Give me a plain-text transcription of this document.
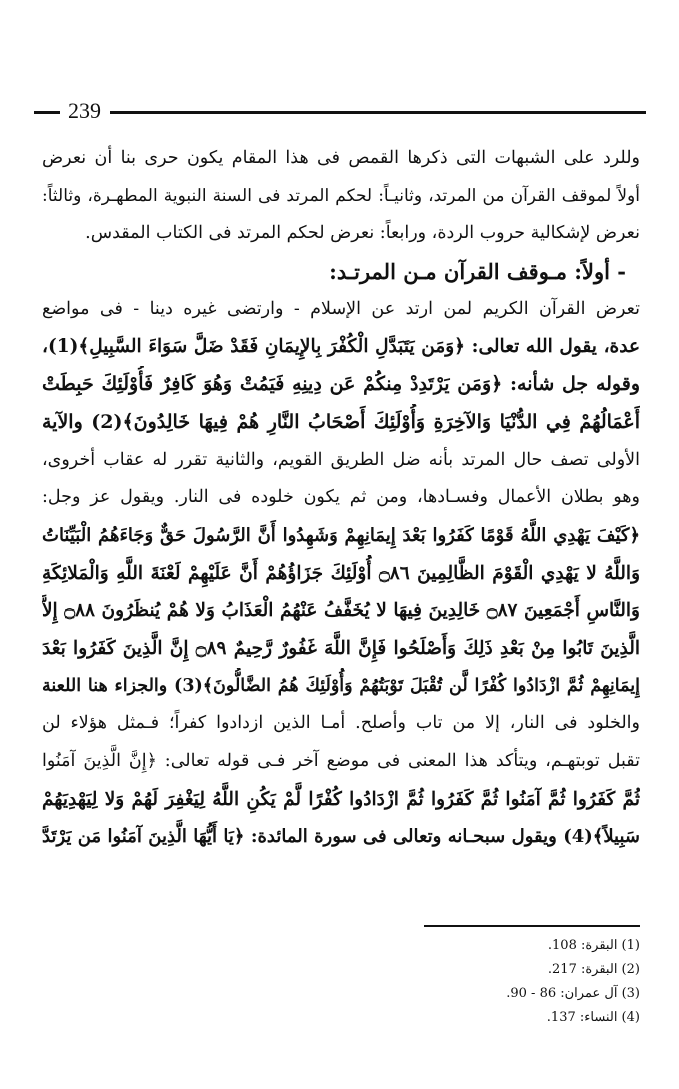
239
وللرد على الشبهات التى ذكرها القمص فى هذا المقام يكون حرى بنا أن نعرض
أولاً لموقف القرآن من المرتد، وثانيـاً: لحكم المرتد فى السنة النبوية المطهـرة، وثالثاً:
نعرض لإشكالية حروب الردة، ورابعاً: نعرض لحكم المرتد فى الكتاب المقدس.
- أولاً: مـوقف القرآن مـن المرتـد:
تعرض القرآن الكريم لمن ارتد عن الإسلام - وارتضى غيره دينا - فى مواضع
عدة، يقول الله تعالى: ﴿وَمَن يَتَبَدَّلِ الْكُفْرَ بِالإِيمَانِ فَقَدْ ضَلَّ سَوَاءَ السَّبِيلِ﴾(1)،
وقوله جل شأنه: ﴿وَمَن يَرْتَدِدْ مِنكُمْ عَن دِينِهِ فَيَمُتْ وَهُوَ كَافِرٌ فَأُوْلَئِكَ حَبِطَتْ
أَعْمَالُهُمْ فِي الدُّنْيَا وَالآخِرَةِ وَأُوْلَئِكَ أَصْحَابُ النَّارِ هُمْ فِيهَا خَالِدُونَ﴾(2) والآية
الأولى تصف حال المرتد بأنه ضل الطريق القويم، والثانية تقرر له عقاب أخروى،
وهو بطلان الأعمال وفسـادها، ومن ثم يكون خلوده فى النار. ويقول عز وجل:
﴿كَيْفَ يَهْدِي اللَّهُ قَوْمًا كَفَرُوا بَعْدَ إِيمَانِهِمْ وَشَهِدُوا أَنَّ الرَّسُولَ حَقٌّ وَجَاءَهُمُ الْبَيِّنَاتُ
وَاللَّهُ لا يَهْدِي الْقَوْمَ الظَّالِمِينَ ۝٨٦ أُوْلَئِكَ جَزَاؤُهُمْ أَنَّ عَلَيْهِمْ لَعْنَةَ اللَّهِ وَالْمَلائِكَةِ
وَالنَّاسِ أَجْمَعِينَ ۝٨٧ خَالِدِينَ فِيهَا لا يُخَفَّفُ عَنْهُمُ الْعَذَابُ وَلا هُمْ يُنظَرُونَ ۝٨٨ إِلاَّ
الَّذِينَ تَابُوا مِنْ بَعْدِ ذَلِكَ وَأَصْلَحُوا فَإِنَّ اللَّهَ غَفُورٌ رَّحِيمٌ ۝٨٩ إِنَّ الَّذِينَ كَفَرُوا بَعْدَ
إِيمَانِهِمْ ثُمَّ ازْدَادُوا كُفْرًا لَّن تُقْبَلَ تَوْبَتُهُمْ وَأُوْلَئِكَ هُمُ الضَّالُّونَ﴾(3) والجزاء هنا اللعنة
والخلود فى النار، إلا من تاب وأصلح. أمـا الذين ازدادوا كفراً؛ فـمثل هؤلاء لن
تقبل توبتهـم، ويتأكد هذا المعنى فى موضع آخر فـى قوله تعالى: ﴿إِنَّ الَّذِينَ آمَنُوا
ثُمَّ كَفَرُوا ثُمَّ آمَنُوا ثُمَّ كَفَرُوا ثُمَّ ازْدَادُوا كُفْرًا لَّمْ يَكُنِ اللَّهُ لِيَغْفِرَ لَهُمْ وَلا لِيَهْدِيَهُمْ
سَبِيلاً﴾(4) ويقول سبحـانه وتعالى فى سورة المائدة: ﴿يَا أَيُّهَا الَّذِينَ آمَنُوا مَن يَرْتَدَّ
(1) البقرة: 108.
(2) البقرة: 217.
(3) آل عمران: 86 - 90.
(4) النساء: 137.
